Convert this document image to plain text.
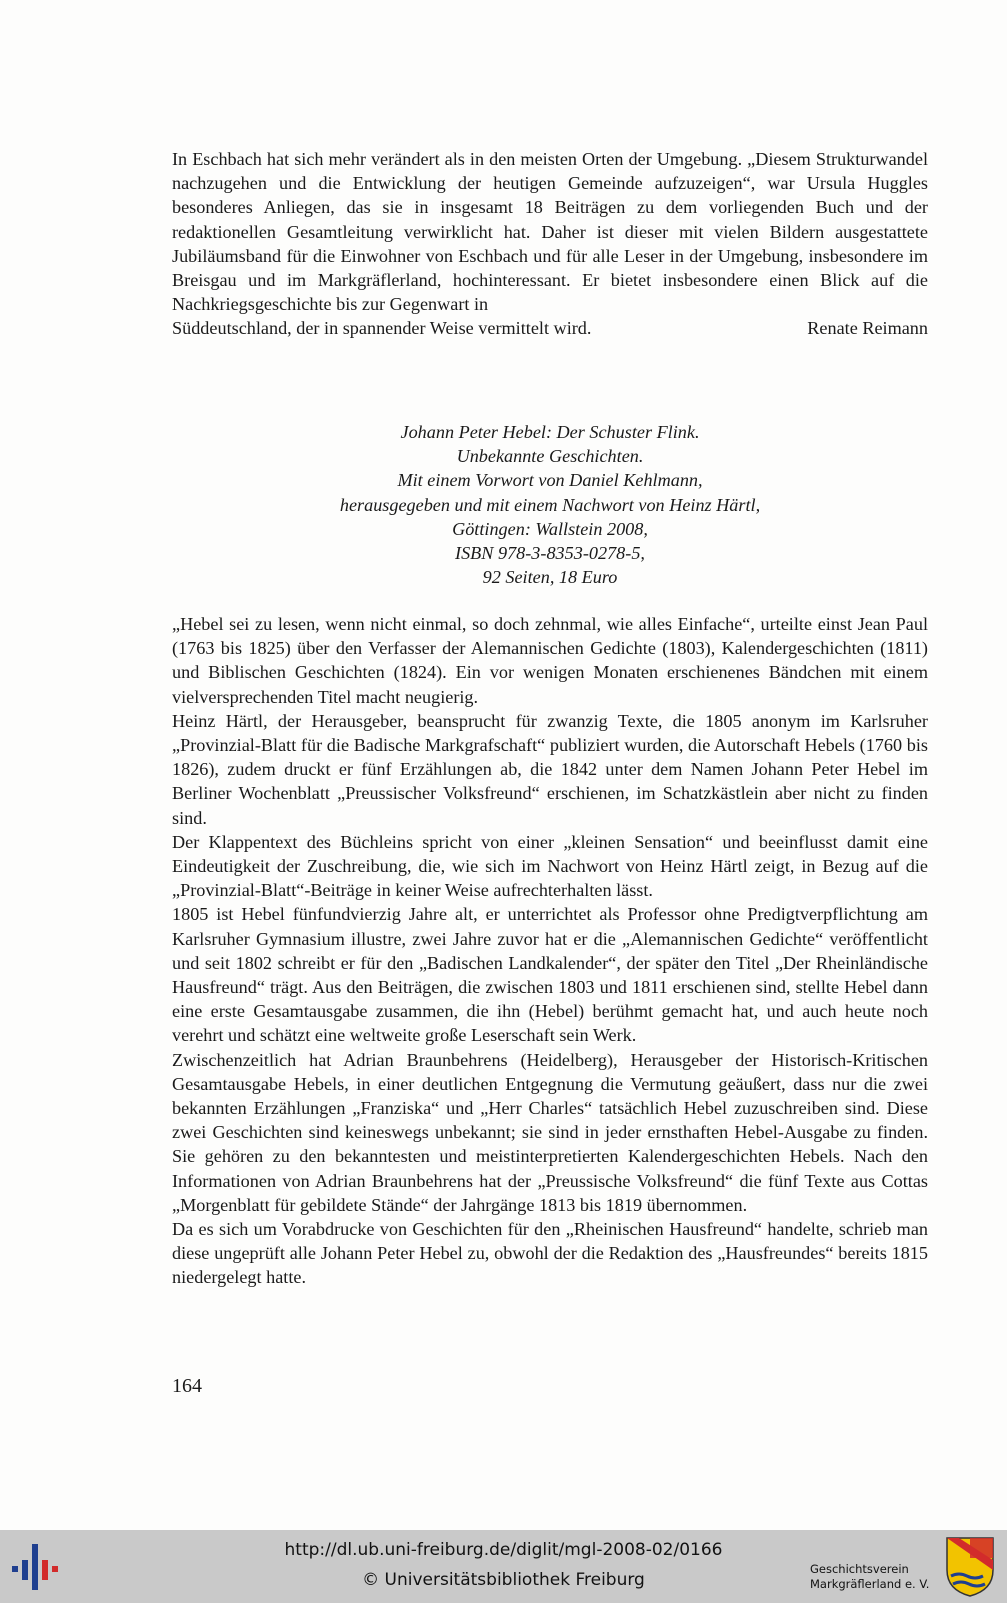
In Eschbach hat sich mehr verändert als in den meisten Orten der Umgebung. „Diesem Strukturwandel nachzugehen und die Entwicklung der heutigen Gemeinde aufzuzeigen“, war Ursula Huggles besonderes Anliegen, das sie in insgesamt 18 Beiträgen zu dem vorliegenden Buch und der redaktionellen Gesamtleitung verwirklicht hat. Daher ist dieser mit vielen Bildern ausgestattete Jubiläumsband für die Einwohner von Eschbach und für alle Leser in der Umgebung, insbesondere im Breisgau und im Markgräflerland, hochinteressant. Er bietet insbesondere einen Blick auf die Nachkriegsgeschichte bis zur Gegenwart in

Süddeutschland, der in spannender Weise vermittelt wird.	Renate Reimann
Johann Peter Hebel: Der Schuster Flink.
Unbekannte Geschichten.
Mit einem Vorwort von Daniel Kehlmann,
herausgegeben und mit einem Nachwort von Heinz Härtl,
Göttingen: Wallstein 2008,
ISBN 978-3-8353-0278-5,
92 Seiten, 18 Euro

„Hebel sei zu lesen, wenn nicht einmal, so doch zehnmal, wie alles Einfache“, urteilte einst Jean Paul (1763 bis 1825) über den Verfasser der Alemannischen Gedichte (1803), Kalendergeschichten (1811) und Biblischen Geschichten (1824). Ein vor wenigen Monaten erschienenes Bändchen mit einem vielversprechenden Titel macht neugierig.

Heinz Härtl, der Herausgeber, beansprucht für zwanzig Texte, die 1805 anonym im Karlsruher „Provinzial-Blatt für die Badische Markgrafschaft“ publiziert wurden, die Autorschaft Hebels (1760 bis 1826), zudem druckt er fünf Erzählungen ab, die 1842 unter dem Namen Johann Peter Hebel im Berliner Wochenblatt „Preussischer Volksfreund“ erschienen, im Schatzkästlein aber nicht zu finden sind.

Der Klappentext des Büchleins spricht von einer „kleinen Sensation“ und beeinflusst damit eine Eindeutigkeit der Zuschreibung, die, wie sich im Nachwort von Heinz Härtl zeigt, in Bezug auf die „Provinzial-Blatt“-Beiträge in keiner Weise aufrechterhalten lässt.

1805 ist Hebel fünfundvierzig Jahre alt, er unterrichtet als Professor ohne Predigtverpflichtung am Karlsruher Gymnasium illustre, zwei Jahre zuvor hat er die „Alemannischen Gedichte“ veröffentlicht und seit 1802 schreibt er für den „Badischen Landkalender“, der später den Titel „Der Rheinländische Hausfreund“ trägt. Aus den Beiträgen, die zwischen 1803 und 1811 erschienen sind, stellte Hebel dann eine erste Gesamtausgabe zusammen, die ihn (Hebel) berühmt gemacht hat, und auch heute noch verehrt und schätzt eine weltweite große Leserschaft sein Werk.

Zwischenzeitlich hat Adrian Braunbehrens (Heidelberg), Herausgeber der Historisch-Kritischen Gesamtausgabe Hebels, in einer deutlichen Entgegnung die Vermutung geäußert, dass nur die zwei bekannten Erzählungen „Franziska“ und „Herr Charles“ tatsächlich Hebel zuzuschreiben sind. Diese zwei Geschichten sind keineswegs unbekannt; sie sind in jeder ernsthaften Hebel-Ausgabe zu finden. Sie gehören zu den bekanntesten und meistinterpretierten Kalendergeschichten Hebels. Nach den Informationen von Adrian Braunbehrens hat der „Preussische Volksfreund“ die fünf Texte aus Cottas „Morgenblatt für gebildete Stände“ der Jahrgänge 1813 bis 1819 übernommen.

Da es sich um Vorabdrucke von Geschichten für den „Rheinischen Hausfreund“ handelte, schrieb man diese ungeprüft alle Johann Peter Hebel zu, obwohl der die Redaktion des „Hausfreundes“ bereits 1815 niedergelegt hatte.

164
http://dl.ub.uni-freiburg.de/diglit/mgl-2008-02/0166
© Universitätsbibliothek Freiburg
Geschichtsverein
Markgräflerland e. V.
